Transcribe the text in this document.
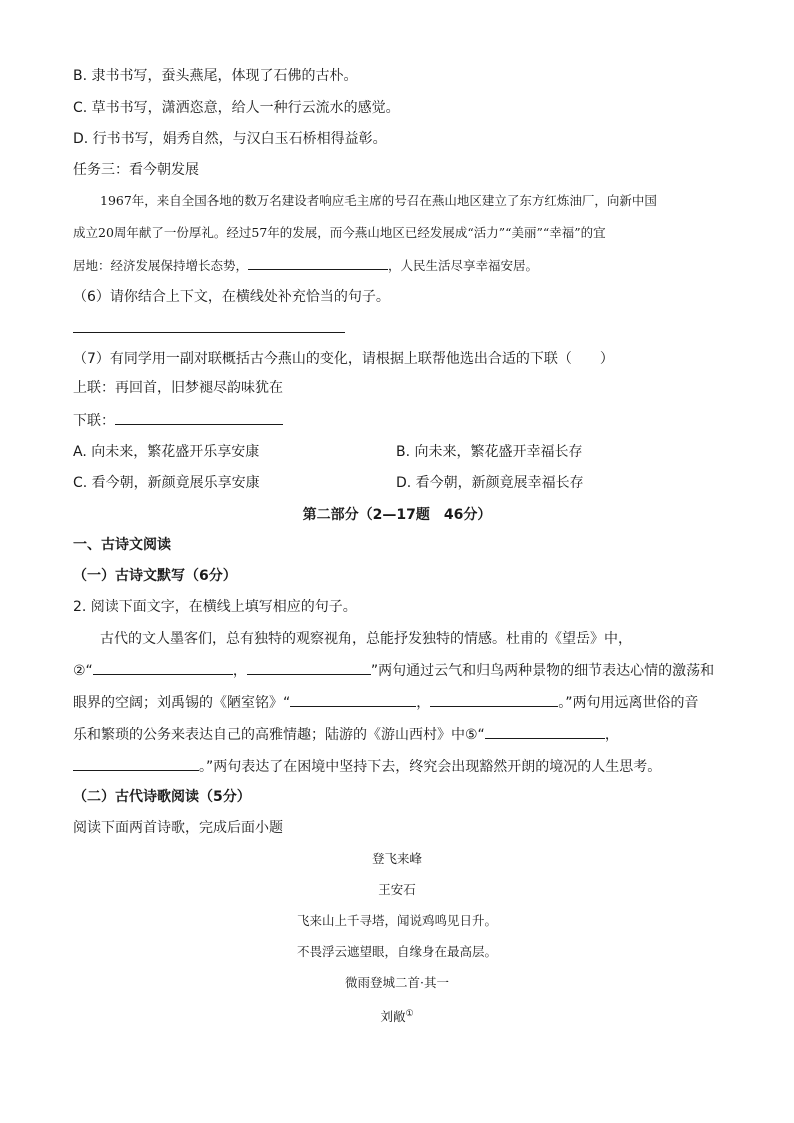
B. 隶书书写，蚕头燕尾，体现了石佛的古朴。
C. 草书书写，潇洒恣意，给人一种行云流水的感觉。
D. 行书书写，娟秀自然，与汉白玉石桥相得益彰。
任务三：看今朝发展
1967年，来自全国各地的数万名建设者响应毛主席的号召在燕山地区建立了东方红炼油厂，向新中国
成立20周年献了一份厚礼。经过57年的发展，而今燕山地区已经发展成“活力”“美丽”“幸福”的宜
居地：经济发展保持增长态势，	，人民生活尽享幸福安居。
（6）请你结合上下文，在横线处补充恰当的句子。
（7）有同学用一副对联概括古今燕山的变化，请根据上联帮他选出合适的下联（　　）
上联：再回首，旧梦褪尽韵味犹在
下联：
A. 向未来，繁花盛开乐享安康	B. 向未来，繁花盛开幸福长存
C. 看今朝，新颜竟展乐享安康	D. 看今朝，新颜竟展幸福长存
第二部分（2—17题　46分）
一、古诗文阅读
（一）古诗文默写（6分）
2. 阅读下面文字，在横线上填写相应的句子。
古代的文人墨客们，总有独特的观察视角，总能抒发独特的情感。杜甫的《望岳》中，
②“	，	”两句通过云气和归鸟两种景物的细节表达心情的激荡和
眼界的空阔；刘禹锡的《陋室铭》“	，	。”两句用远离世俗的音
乐和繁琐的公务来表达自己的高雅情趣；陆游的《游山西村》中⑤“	，
。”两句表达了在困境中坚持下去，终究会出现豁然开朗的境况的人生思考。
（二）古代诗歌阅读（5分）
阅读下面两首诗歌，完成后面小题
登飞来峰
王安石
飞来山上千寻塔，闻说鸡鸣见日升。
不畏浮云遮望眼，自缘身在最高层。
微雨登城二首·其一
刘敞①
